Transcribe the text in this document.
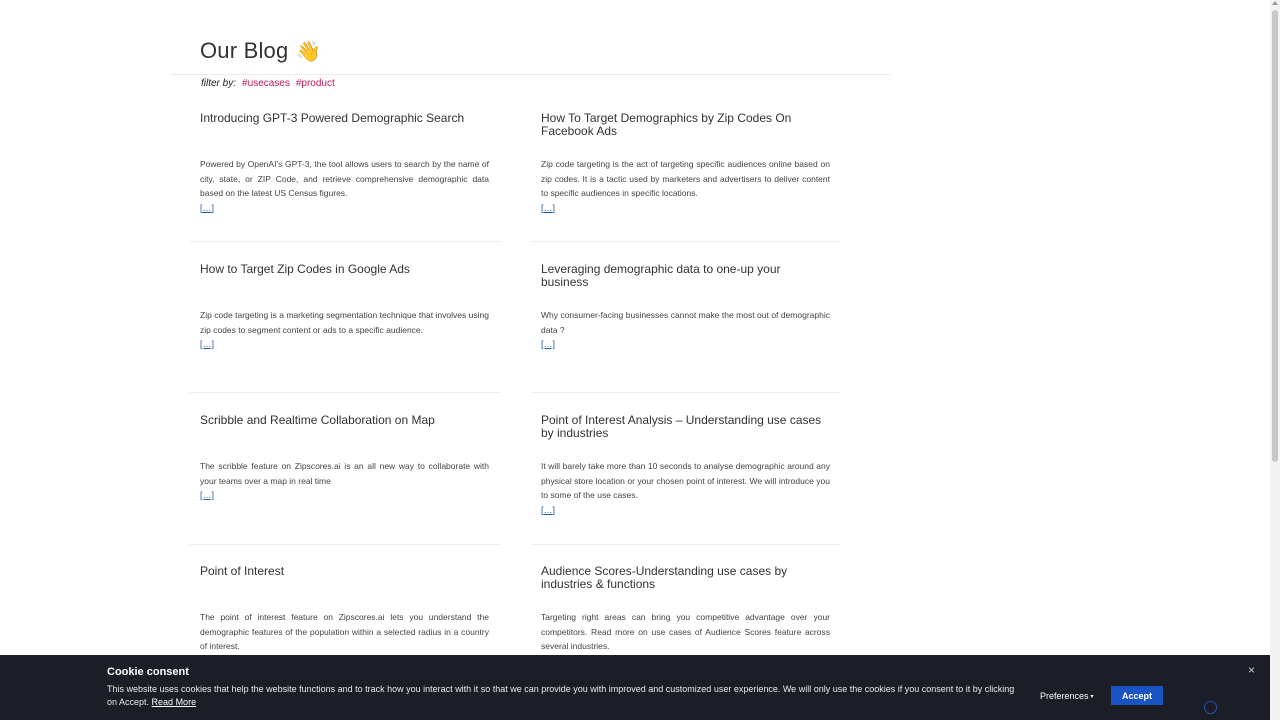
Our Blog 👋
filter by: #usecases #product
Introducing GPT-3 Powered Demographic Search
Powered by OpenAI’s GPT-3, the tool allows users to search by the name of city, state, or ZIP Code, and retrieve comprehensive demographic data based on the latest US Census figures.
[…]
How To Target Demographics by Zip Codes On Facebook Ads
Zip code targeting is the act of targeting specific audiences online based on zip codes. It is a tactic used by marketers and advertisers to deliver content to specific audiences in specific locations.
[…]
How to Target Zip Codes in Google Ads
Zip code targeting is a marketing segmentation technique that involves using zip codes to segment content or ads to a specific audience.
[…]
Leveraging demographic data to one-up your business
Why consumer-facing businesses cannot make the most out of demographic data ?
[…]
Scribble and Realtime Collaboration on Map
The scribble feature on Zipscores.ai is an all new way to collaborate with your teams over a map in real time
[…]
Point of Interest Analysis – Understanding use cases by industries
It will barely take more than 10 seconds to analyse demographic around any physical store location or your chosen point of interest. We will introduce you to some of the use cases.
[…]
Point of Interest
The point of interest feature on Zipscores.ai lets you understand the demographic features of the population within a selected radius in a country of interest.
Audience Scores-Understanding use cases by industries & functions
Targeting right areas can bring you competitive advantage over your competitors. Read more on use cases of Audience Scores feature across several industries.
Cookie consent
This website uses cookies that help the website functions and to track how you interact with it so that we can provide you with improved and customized user experience. We will only use the cookies if you consent to it by clicking on Accept. Read More
Preferences ▾	Accept
×
